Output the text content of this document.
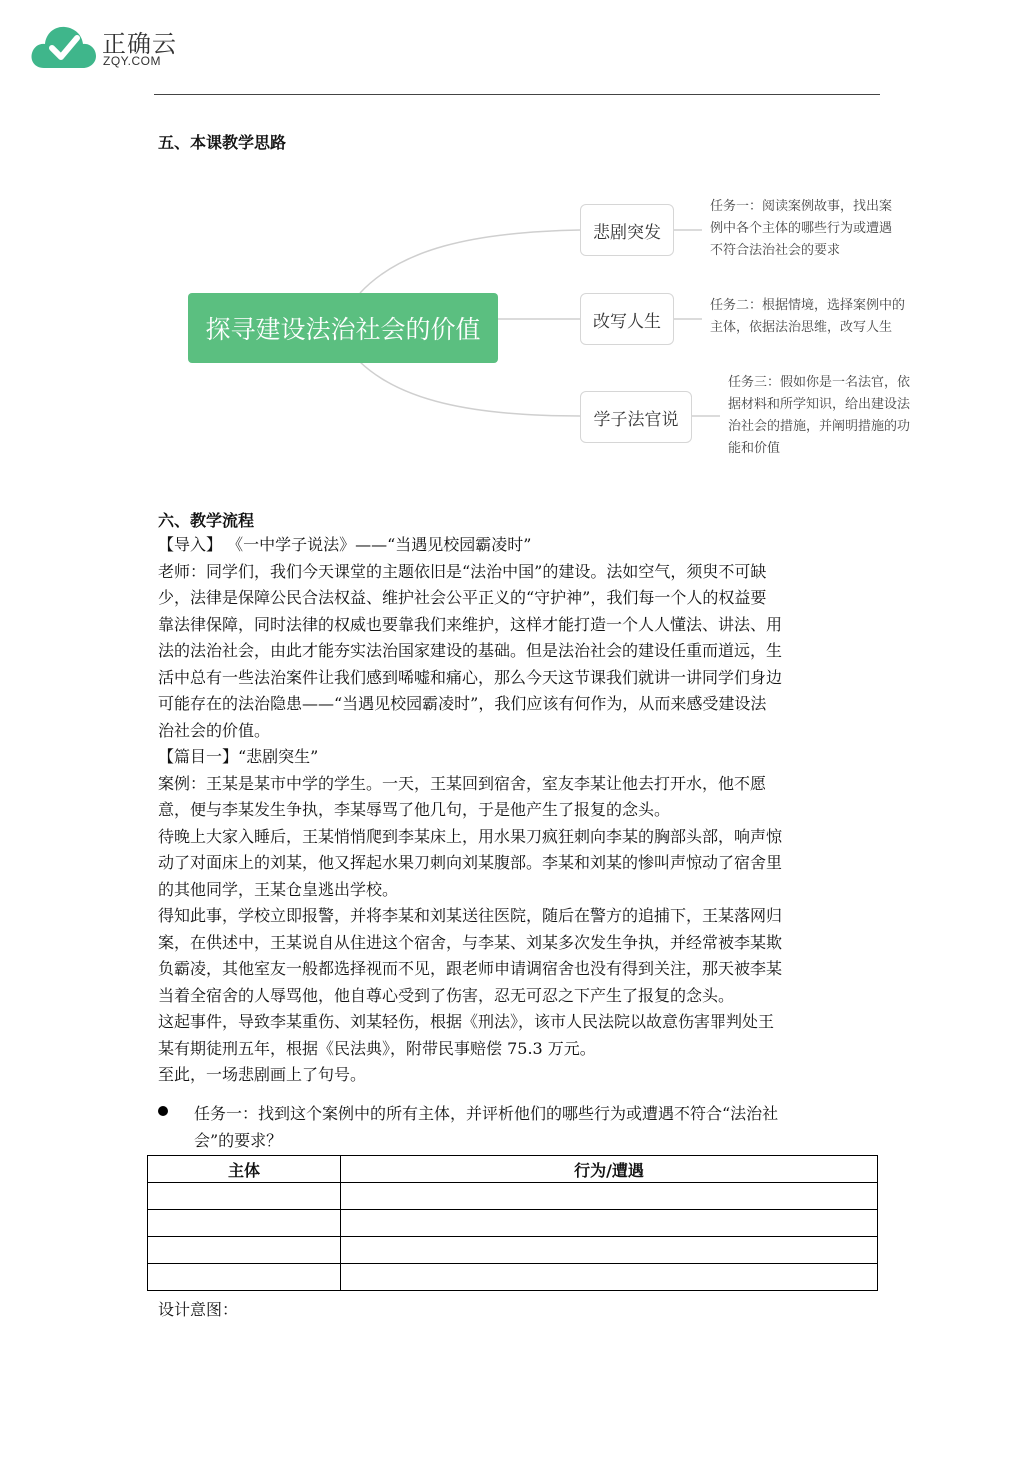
正确云
ZQY.COM
五、本课教学思路
探寻建设法治社会的价值
悲剧突发
改写人生
学子法官说
任务一：阅读案例故事，找出案
例中各个主体的哪些行为或遭遇
不符合法治社会的要求
任务二：根据情境，选择案例中的
主体，依据法治思维，改写人生
任务三：假如你是一名法官，依
据材料和所学知识，给出建设法
治社会的措施，并阐明措施的功
能和价值
六、教学流程

【导入】 《一中学子说法》——“当遇见校园霸凌时”

老师：同学们，我们今天课堂的主题依旧是“法治中国”的建设。法如空气，须臾不可缺

少，法律是保障公民合法权益、维护社会公平正义的“守护神”，我们每一个人的权益要

靠法律保障，同时法律的权威也要靠我们来维护，这样才能打造一个人人懂法、讲法、用

法的法治社会，由此才能夯实法治国家建设的基础。但是法治社会的建设任重而道远，生

活中总有一些法治案件让我们感到唏嘘和痛心，那么今天这节课我们就讲一讲同学们身边

可能存在的法治隐患——“当遇见校园霸凌时”，我们应该有何作为，从而来感受建设法

治社会的价值。

【篇目一】“悲剧突生”

案例：王某是某市中学的学生。一天，王某回到宿舍，室友李某让他去打开水，他不愿

意，便与李某发生争执，李某辱骂了他几句，于是他产生了报复的念头。

待晚上大家入睡后，王某悄悄爬到李某床上，用水果刀疯狂刺向李某的胸部头部，响声惊

动了对面床上的刘某，他又挥起水果刀刺向刘某腹部。李某和刘某的惨叫声惊动了宿舍里

的其他同学，王某仓皇逃出学校。

得知此事，学校立即报警，并将李某和刘某送往医院，随后在警方的追捕下，王某落网归

案，在供述中，王某说自从住进这个宿舍，与李某、刘某多次发生争执，并经常被李某欺

负霸凌，其他室友一般都选择视而不见，跟老师申请调宿舍也没有得到关注，那天被李某

当着全宿舍的人辱骂他，他自尊心受到了伤害，忍无可忍之下产生了报复的念头。

这起事件，导致李某重伤、刘某轻伤，根据《刑法》，该市人民法院以故意伤害罪判处王

某有期徒刑五年，根据《民法典》，附带民事赔偿 75.3 万元。

至此，一场悲剧画上了句号。

任务一：找到这个案例中的所有主体，并评析他们的哪些行为或遭遇不符合“法治社

会”的要求？

主体	行为/遭遇

设计意图：
